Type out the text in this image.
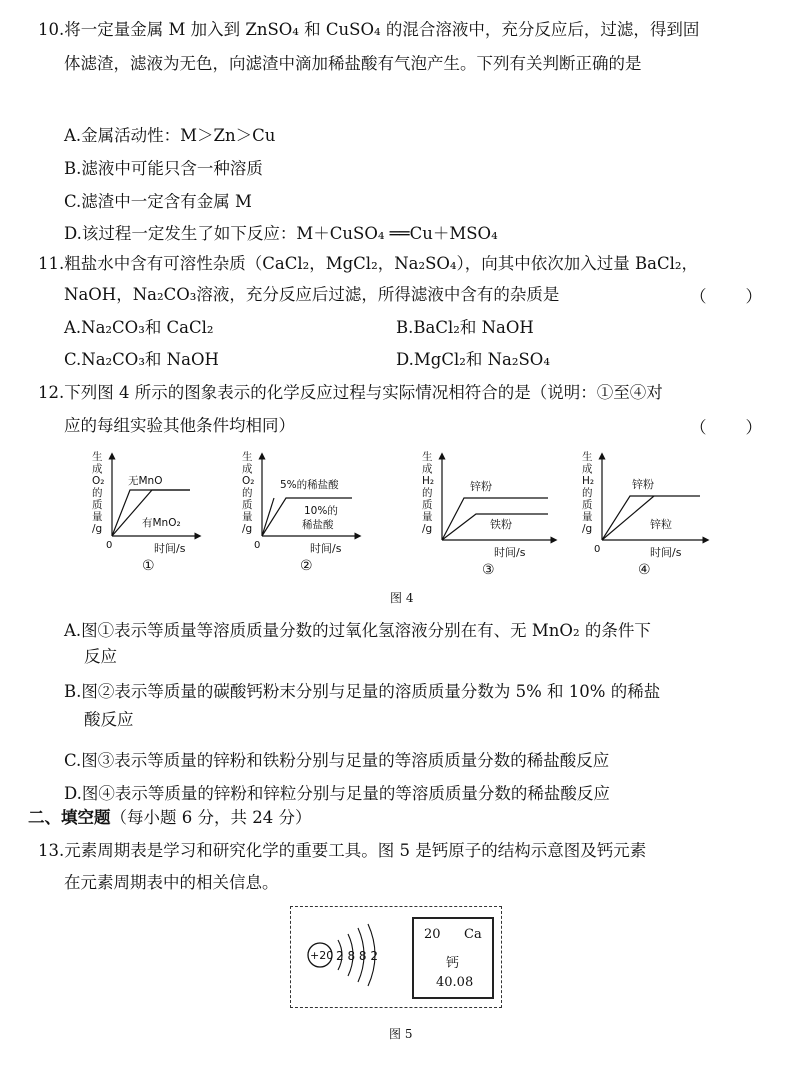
10.将一定量金属 M 加入到 ZnSO₄ 和 CuSO₄ 的混合溶液中，充分反应后，过滤，得到固
体滤渣，滤液为无色，向滤渣中滴加稀盐酸有气泡产生。下列有关判断正确的是
A.金属活动性：M＞Zn＞Cu
B.滤液中可能只含一种溶质
C.滤渣中一定含有金属 M
D.该过程一定发生了如下反应：M＋CuSO₄ ══Cu＋MSO₄
11.粗盐水中含有可溶性杂质（CaCl₂，MgCl₂，Na₂SO₄），向其中依次加入过量 BaCl₂，
NaOH，Na₂CO₃溶液，充分反应后过滤，所得滤液中含有的杂质是	（　　）
A.Na₂CO₃和 CaCl₂	B.BaCl₂和 NaOH
C.Na₂CO₃和 NaOH	D.MgCl₂和 Na₂SO₄
12.下列图 4 所示的图象表示的化学反应过程与实际情况相符合的是（说明：①至④对
应的每组实验其他条件均相同）	（　　）
生
成
O₂
的
质
量
/g
0	时间/s
无MnO
有MnO₂
①
生
成
O₂
的
质
量
/g
0	时间/s
5%的稀盐酸
10%的
稀盐酸
②
生
成
H₂
的
质
量
/g
时间/s
锌粉
铁粉
③
生
成
H₂
的
质
量
/g
0	时间/s
锌粉
锌粒
④
图 4
A.图①表示等质量等溶质质量分数的过氧化氢溶液分别在有、无 MnO₂ 的条件下
反应
B.图②表示等质量的碳酸钙粉末分别与足量的溶质质量分数为 5% 和 10% 的稀盐
酸反应
C.图③表示等质量的锌粉和铁粉分别与足量的等溶质质量分数的稀盐酸反应
D.图④表示等质量的锌粉和锌粒分别与足量的等溶质质量分数的稀盐酸反应
二、填空题（每小题 6 分，共 24 分）
13.元素周期表是学习和研究化学的重要工具。图 5 是钙原子的结构示意图及钙元素
在元素周期表中的相关信息。
+20 2 8 8 2
20 Ca
钙
40.08
图 5
